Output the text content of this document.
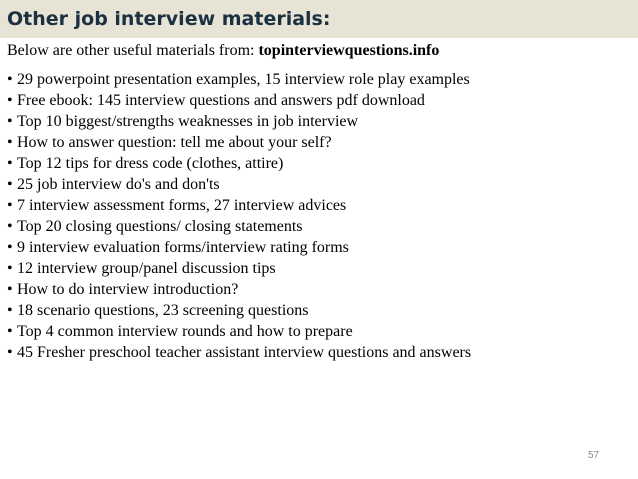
Other job interview materials:
Below are other useful materials from: topinterviewquestions.info
• 29 powerpoint presentation examples, 15 interview role play examples
• Free ebook: 145 interview questions and answers pdf download
• Top 10 biggest/strengths weaknesses in job interview
• How to answer question: tell me about your self?
• Top 12 tips for dress code (clothes, attire)
• 25 job interview do's and don'ts
• 7 interview assessment forms, 27 interview advices
• Top 20 closing questions/ closing statements
• 9 interview evaluation forms/interview rating forms
• 12 interview group/panel discussion tips
• How to do interview introduction?
• 18 scenario questions, 23 screening questions
• Top 4 common interview rounds and how to prepare
• 45 Fresher preschool teacher assistant interview questions and answers
57
